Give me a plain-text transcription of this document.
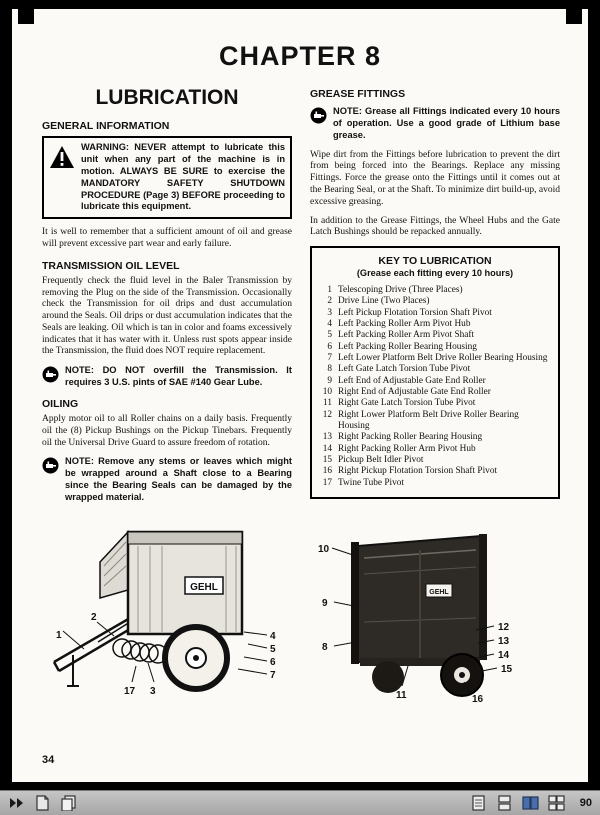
CHAPTER 8
LUBRICATION
GENERAL INFORMATION
WARNING: NEVER attempt to lubricate this unit when any part of the machine is in motion. ALWAYS BE SURE to exercise the MANDATORY SAFETY SHUTDOWN PROCEDURE (Page 3) BEFORE proceeding to lubricate this equipment.
It is well to remember that a sufficient amount of oil and grease will prevent excessive part wear and early failure.
TRANSMISSION OIL LEVEL
Frequently check the fluid level in the Baler Transmission by removing the Plug on the side of the Transmission. Occasionally check the Transmission for oil drips and dust accumulation around the Seals. Oil drips or dust accumulation indicates that the Seals are leaking. Oil which is tan in color and foams excessively indicates that it has water with it. Unless rust spots appear inside the Transmission, the fluid does NOT require replacement.
NOTE: DO NOT overfill the Transmission. It requires 3 U.S. pints of SAE #140 Gear Lube.
OILING
Apply motor oil to all Roller chains on a daily basis. Frequently oil the (8) Pickup Bushings on the Pickup Tinebars. Frequently oil the Universal Drive Guard to assure freedom of rotation.
NOTE: Remove any stems or leaves which might be wrapped around a Shaft close to a Bearing since the Bearing Seals can be damaged by the wrapped material.
GREASE FITTINGS
NOTE: Grease all Fittings indicated every 10 hours of operation. Use a good grade of Lithium base grease.
Wipe dirt from the Fittings before lubrication to prevent the dirt from being forced into the Bearings. Replace any missing Fittings. Force the grease onto the Fittings until it comes out at the Bearing Seal, or at the Shaft. To minimize dirt build-up, avoid excessive greasing.
In addition to the Grease Fittings, the Wheel Hubs and the Gate Latch Bushings should be repacked annually.
KEY TO LUBRICATION
(Grease each fitting every 10 hours)
1 Telescoping Drive (Three Places)
2 Drive Line (Two Places)
3 Left Pickup Flotation Torsion Shaft Pivot
4 Left Packing Roller Arm Pivot Hub
5 Left Packing Roller Arm Pivot Shaft
6 Left Packing Roller Bearing Housing
7 Left Lower Platform Belt Drive Roller Bearing Housing
8 Left Gate Latch Torsion Tube Pivot
9 Left End of Adjustable Gate End Roller
10 Right End of Adjustable Gate End Roller
11 Right Gate Latch Torsion Tube Pivot
12 Right Lower Platform Belt Drive Roller Bearing Housing
13 Right Packing Roller Bearing Housing
14 Right Packing Roller Arm Pivot Hub
15 Pickup Belt Idler Pivot
16 Right Pickup Flotation Torsion Shaft Pivot
17 Twine Tube Pivot
GEHL
1
2
3
17
4
5
6
7
GEHL
10
9
8
11
12
13
14
15
16
34
90
